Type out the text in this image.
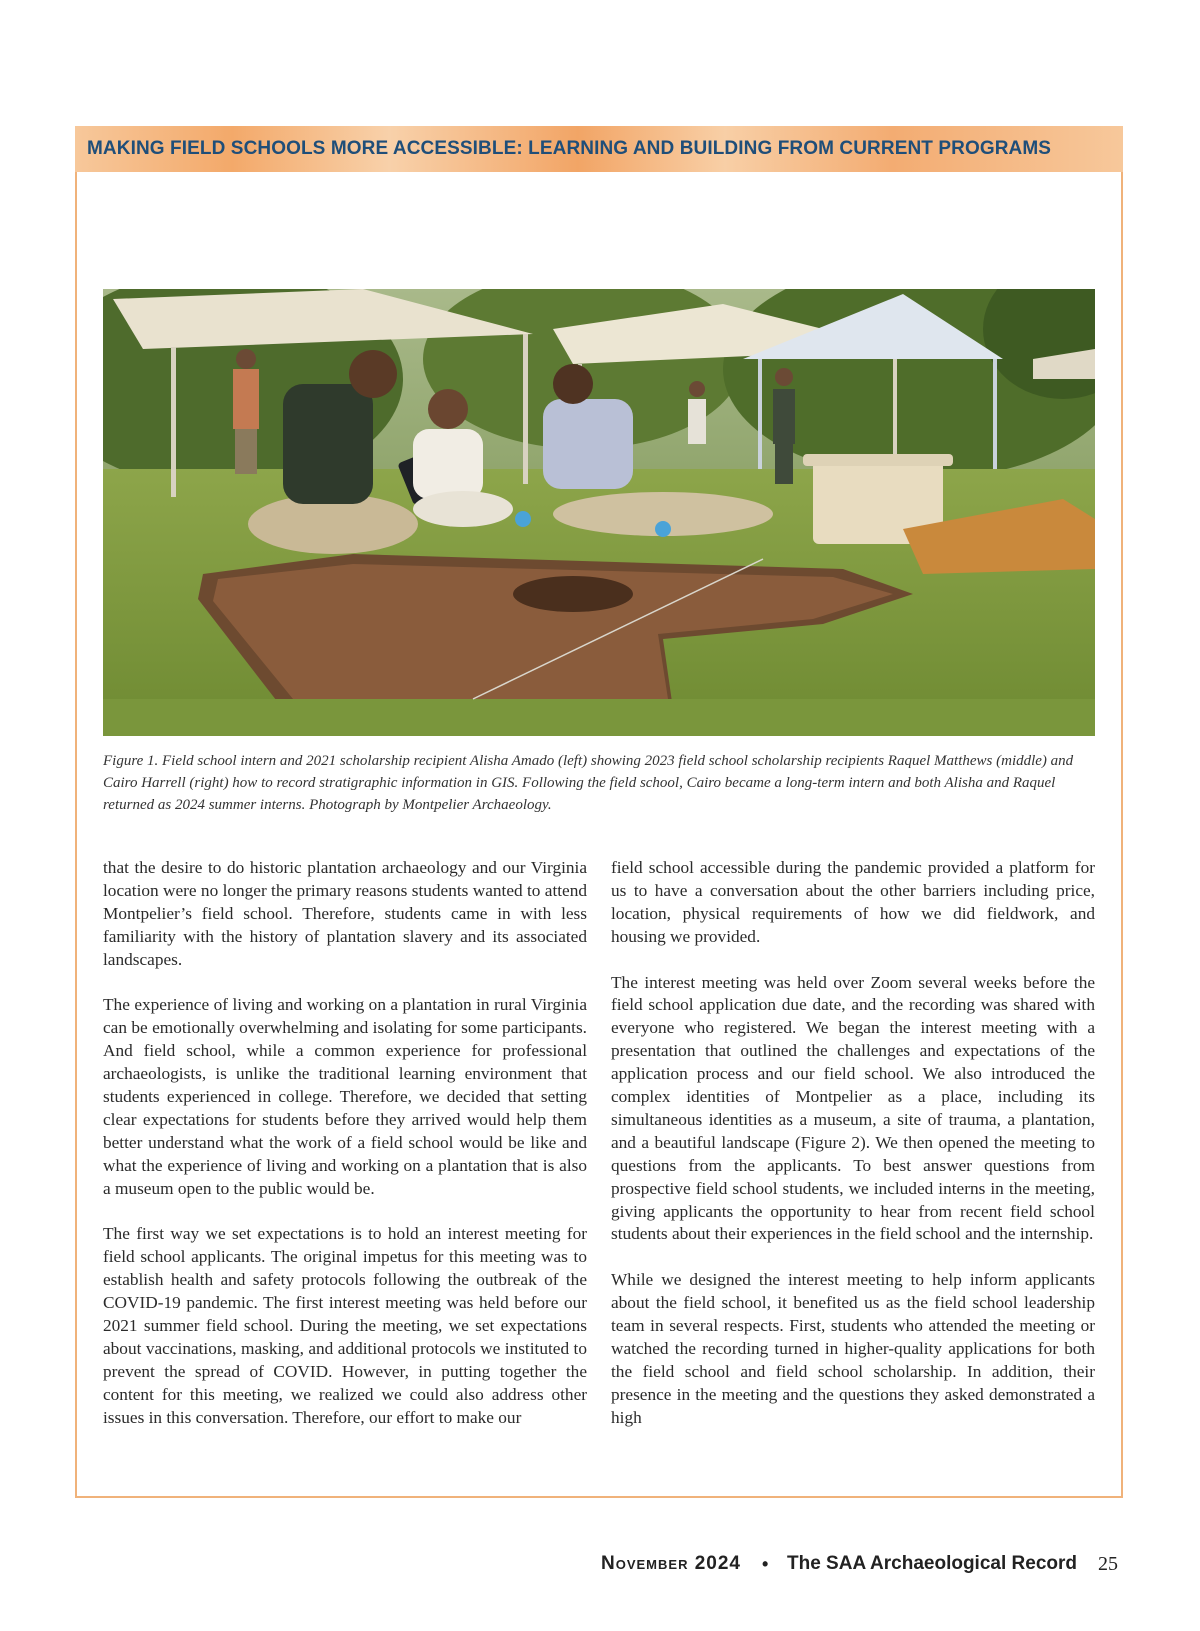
MAKING FIELD SCHOOLS MORE ACCESSIBLE: LEARNING AND BUILDING FROM CURRENT PROGRAMS
Figure 1. Field school intern and 2021 scholarship recipient Alisha Amado (left) showing 2023 field school scholarship recipients Raquel Matthews (middle) and Cairo Harrell (right) how to record stratigraphic information in GIS. Following the field school, Cairo became a long-term intern and both Alisha and Raquel returned as 2024 summer interns. Photograph by Montpelier Archaeology.

that the desire to do historic plantation archaeology and our Virginia location were no longer the primary reasons students wanted to attend Montpelier’s field school. Therefore, students came in with less familiarity with the history of plantation slavery and its associated landscapes.

The experience of living and working on a plantation in rural Virginia can be emotionally overwhelming and isolating for some participants. And field school, while a common experience for professional archaeologists, is unlike the traditional learning environment that students experienced in college. Therefore, we decided that setting clear expectations for students before they arrived would help them better understand what the work of a field school would be like and what the experience of living and working on a plantation that is also a museum open to the public would be.

The first way we set expectations is to hold an interest meeting for field school applicants. The original impetus for this meeting was to establish health and safety protocols following the outbreak of the COVID-19 pandemic. The first interest meeting was held before our 2021 summer field school. During the meeting, we set expectations about vaccinations, masking, and additional protocols we instituted to prevent the spread of COVID. However, in putting together the content for this meeting, we realized we could also address other issues in this conversation. Therefore, our effort to make our

field school accessible during the pandemic provided a platform for us to have a conversation about the other barriers including price, location, physical requirements of how we did fieldwork, and housing we provided.

The interest meeting was held over Zoom several weeks before the field school application due date, and the recording was shared with everyone who registered. We began the interest meeting with a presentation that outlined the challenges and expectations of the application process and our field school. We also introduced the complex identities of Montpelier as a place, including its simultaneous identities as a museum, a site of trauma, a plantation, and a beautiful landscape (Figure 2). We then opened the meeting to questions from the applicants. To best answer questions from prospective field school students, we included interns in the meeting, giving applicants the opportunity to hear from recent field school students about their experiences in the field school and the internship.

While we designed the interest meeting to help inform applicants about the field school, it benefited us as the field school leadership team in several respects. First, students who attended the meeting or watched the recording turned in higher-quality applications for both the field school and field school scholarship. In addition, their presence in the meeting and the questions they asked demonstrated a high

November 2024 • The SAA Archaeological Record 25
